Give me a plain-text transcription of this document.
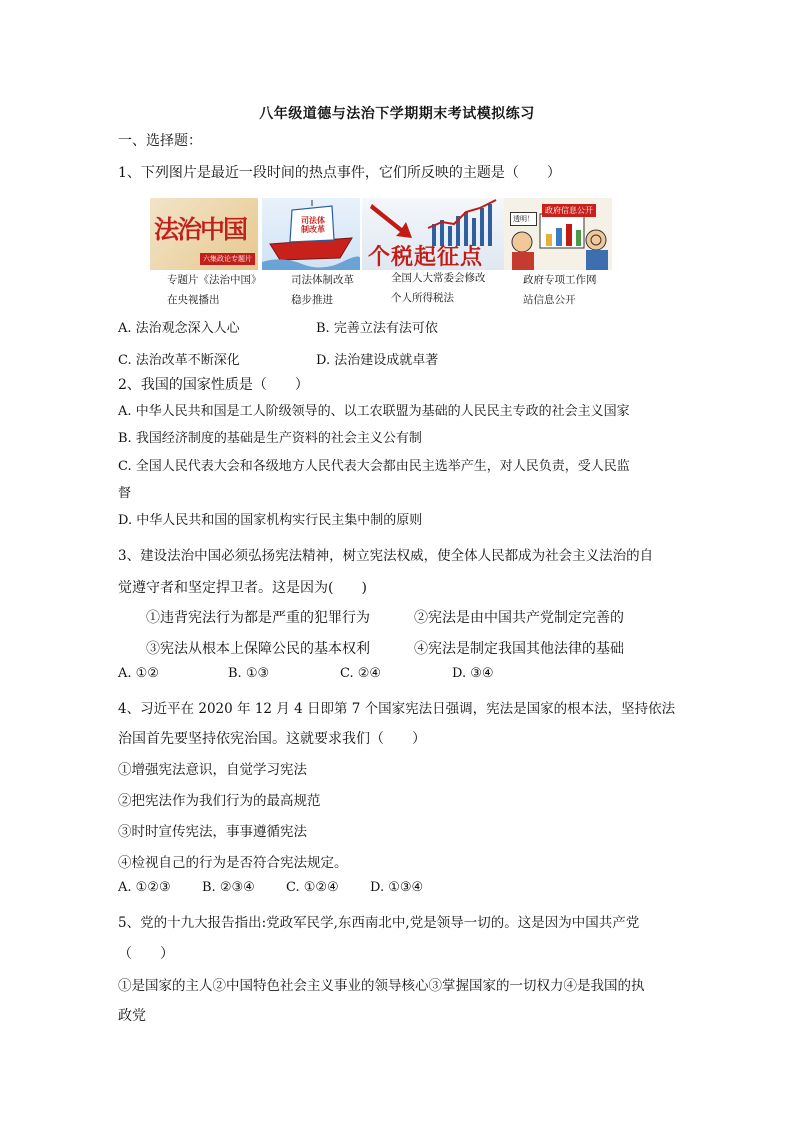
八年级道德与法治下学期期末考试模拟练习
一、选择题：
1、下列图片是最近一段时间的热点事件，它们所反映的主题是（　　）
法治中国
六集政论专题片
司法体制改革
个税起征点
政府信息公开
透明！
专题片《法治中国》
在央视播出
司法体制改革
稳步推进
全国人大常委会修改
个人所得税法
政府专项工作网
站信息公开
A. 法治观念深入人心	B. 完善立法有法可依
C. 法治改革不断深化	D. 法治建设成就卓著
2、我国的国家性质是（　　）
A. 中华人民共和国是工人阶级领导的、以工农联盟为基础的人民民主专政的社会主义国家
B. 我国经济制度的基础是生产资料的社会主义公有制
C. 全国人民代表大会和各级地方人民代表大会都由民主选举产生，对人民负责，受人民监
督
D. 中华人民共和国的国家机构实行民主集中制的原则
3、建设法治中国必须弘扬宪法精神，树立宪法权威，使全体人民都成为社会主义法治的自
觉遵守者和坚定捍卫者。这是因为(　　)
①违背宪法行为都是严重的犯罪行为	②宪法是由中国共产党制定完善的
③宪法从根本上保障公民的基本权利	④宪法是制定我国其他法律的基础
A. ①②	B. ①③	C. ②④	D. ③④
4、习近平在 2020 年 12 月 4 日即第 7 个国家宪法日强调，宪法是国家的根本法，坚持依法
治国首先要坚持依宪治国。这就要求我们（　　）
①增强宪法意识，自觉学习宪法
②把宪法作为我们行为的最高规范
③时时宣传宪法，事事遵循宪法
④检视自己的行为是否符合宪法规定。
A. ①②③ B. ②③④ C. ①②④ D. ①③④
5、党的十九大报告指出:党政军民学,东西南北中,党是领导一切的。这是因为中国共产党
（　　）
①是国家的主人②中国特色社会主义事业的领导核心③掌握国家的一切权力④是我国的执
政党
